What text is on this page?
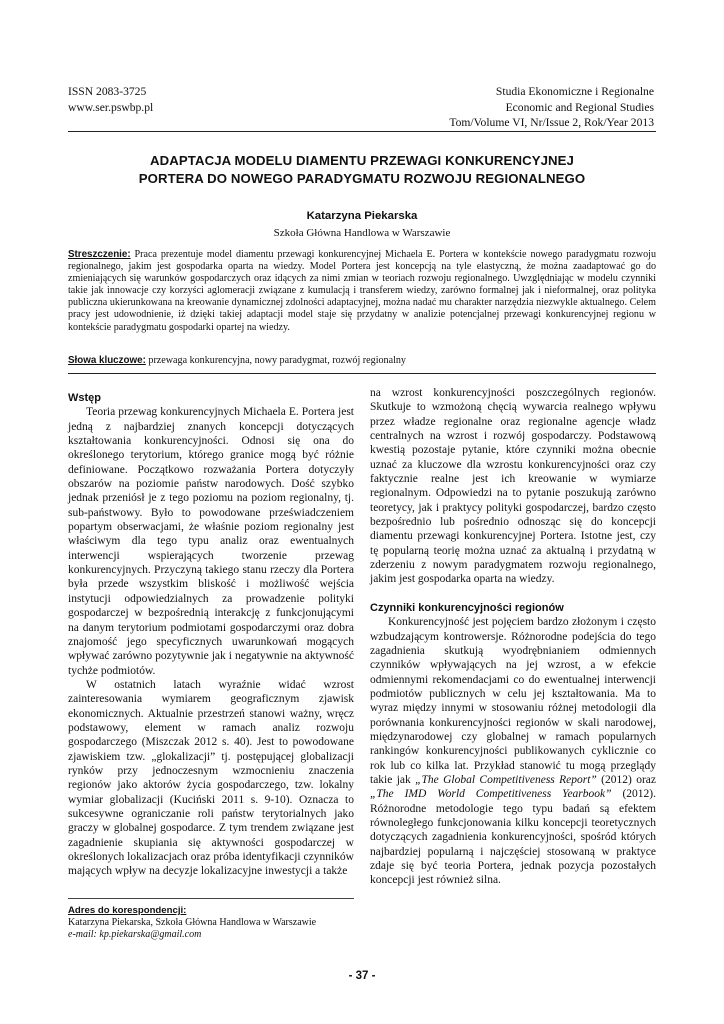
ISSN 2083-3725
www.ser.pswbp.pl
Studia Ekonomiczne i Regionalne
Economic and Regional Studies
Tom/Volume VI, Nr/Issue 2, Rok/Year 2013
ADAPTACJA MODELU DIAMENTU PRZEWAGI KONKURENCYJNEJ
PORTERA DO NOWEGO PARADYGMATU ROZWOJU REGIONALNEGO
Katarzyna Piekarska
Szkoła Główna Handlowa w Warszawie
Streszczenie: Praca prezentuje model diamentu przewagi konkurencyjnej Michaela E. Portera w kontekście nowego paradygmatu rozwoju regionalnego, jakim jest gospodarka oparta na wiedzy. Model Portera jest koncepcją na tyle elastyczną, że można zaadaptować go do zmieniających się warunków gospodarczych oraz idących za nimi zmian w teoriach rozwoju regionalnego. Uwzględniając w modelu czynniki takie jak innowacje czy korzyści aglomeracji związane z kumulacją i transferem wiedzy, zarówno formalnej jak i nieformalnej, oraz polityka publiczna ukierunkowana na kreowanie dynamicznej zdolności adaptacyjnej, można nadać mu charakter narzędzia niezwykle aktualnego. Celem pracy jest udowodnienie, iż dzięki takiej adaptacji model staje się przydatny w analizie potencjalnej przewagi konkurencyjnej regionu w kontekście paradygmatu gospodarki opartej na wiedzy.
Słowa kluczowe: przewaga konkurencyjna, nowy paradygmat, rozwój regionalny

Wstęp

Teoria przewag konkurencyjnych Michaela E. Portera jest jedną z najbardziej znanych koncepcji dotyczących kształtowania konkurencyjności. Odnosi się ona do określonego terytorium, którego granice mogą być różnie definiowane. Początkowo rozważania Portera dotyczyły obszarów na poziomie państw narodowych. Dość szybko jednak przeniósł je z tego poziomu na poziom regionalny, tj. sub-państwowy. Było to powodowane przeświadczeniem popartym obserwacjami, że właśnie poziom regionalny jest właściwym dla tego typu analiz oraz ewentualnych interwencji wspierających tworzenie przewag konkurencyjnych. Przyczyną takiego stanu rzeczy dla Portera była przede wszystkim bliskość i możliwość wejścia instytucji odpowiedzialnych za prowadzenie polityki gospodarczej w bezpośrednią interakcję z funkcjonującymi na danym terytorium podmiotami gospodarczymi oraz dobra znajomość jego specyficznych uwarunkowań mogących wpływać zarówno pozytywnie jak i negatywnie na aktywność tychże podmiotów.

W ostatnich latach wyraźnie widać wzrost zainteresowania wymiarem geograficznym zjawisk ekonomicznych. Aktualnie przestrzeń stanowi ważny, wręcz podstawowy, element w ramach analiz rozwoju gospodarczego (Miszczak 2012 s. 40). Jest to powodowane zjawiskiem tzw. „glokalizacji” tj. postępującej globalizacji rynków przy jednoczesnym wzmocnieniu znaczenia regionów jako aktorów życia gospodarczego, tzw. lokalny wymiar globalizacji (Kuciński 2011 s. 9-10). Oznacza to sukcesywne ograniczanie roli państw terytorialnych jako graczy w globalnej gospodarce. Z tym trendem związane jest zagadnienie skupiania się aktywności gospodarczej w określonych lokalizacjach oraz próba identyfikacji czynników mających wpływ na decyzje lokalizacyjne inwestycji a także

na wzrost konkurencyjności poszczególnych regionów. Skutkuje to wzmożoną chęcią wywarcia realnego wpływu przez władze regionalne oraz regionalne agencje władz centralnych na wzrost i rozwój gospodarczy. Podstawową kwestią pozostaje pytanie, które czynniki można obecnie uznać za kluczowe dla wzrostu konkurencyjności oraz czy faktycznie realne jest ich kreowanie w wymiarze regionalnym. Odpowiedzi na to pytanie poszukują zarówno teoretycy, jak i praktycy polityki gospodarczej, bardzo często bezpośrednio lub pośrednio odnosząc się do koncepcji diamentu przewagi konkurencyjnej Portera. Istotne jest, czy tę popularną teorię można uznać za aktualną i przydatną w zderzeniu z nowym paradygmatem rozwoju regionalnego, jakim jest gospodarka oparta na wiedzy.

Czynniki konkurencyjności regionów

Konkurencyjność jest pojęciem bardzo złożonym i często wzbudzającym kontrowersje. Różnorodne podejścia do tego zagadnienia skutkują wyodrębnianiem odmiennych czynników wpływających na jej wzrost, a w efekcie odmiennymi rekomendacjami co do ewentualnej interwencji podmiotów publicznych w celu jej kształtowania. Ma to wyraz między innymi w stosowaniu różnej metodologii dla porównania konkurencyjności regionów w skali narodowej, międzynarodowej czy globalnej w ramach popularnych rankingów konkurencyjności publikowanych cyklicznie co rok lub co kilka lat. Przykład stanowić tu mogą przeglądy takie jak „The Global Competitiveness Report” (2012) oraz „The IMD World Competitiveness Yearbook” (2012). Różnorodne metodologie tego typu badań są efektem równoległego funkcjonowania kilku koncepcji teoretycznych dotyczących zagadnienia konkurencyjności, spośród których najbardziej popularną i najczęściej stosowaną w praktyce zdaje się być teoria Portera, jednak pozycja pozostałych koncepcji jest również silna.

Adres do korespondencji:
Katarzyna Piekarska, Szkoła Główna Handlowa w Warszawie
e-mail: kp.piekarska@gmail.com
- 37 -
